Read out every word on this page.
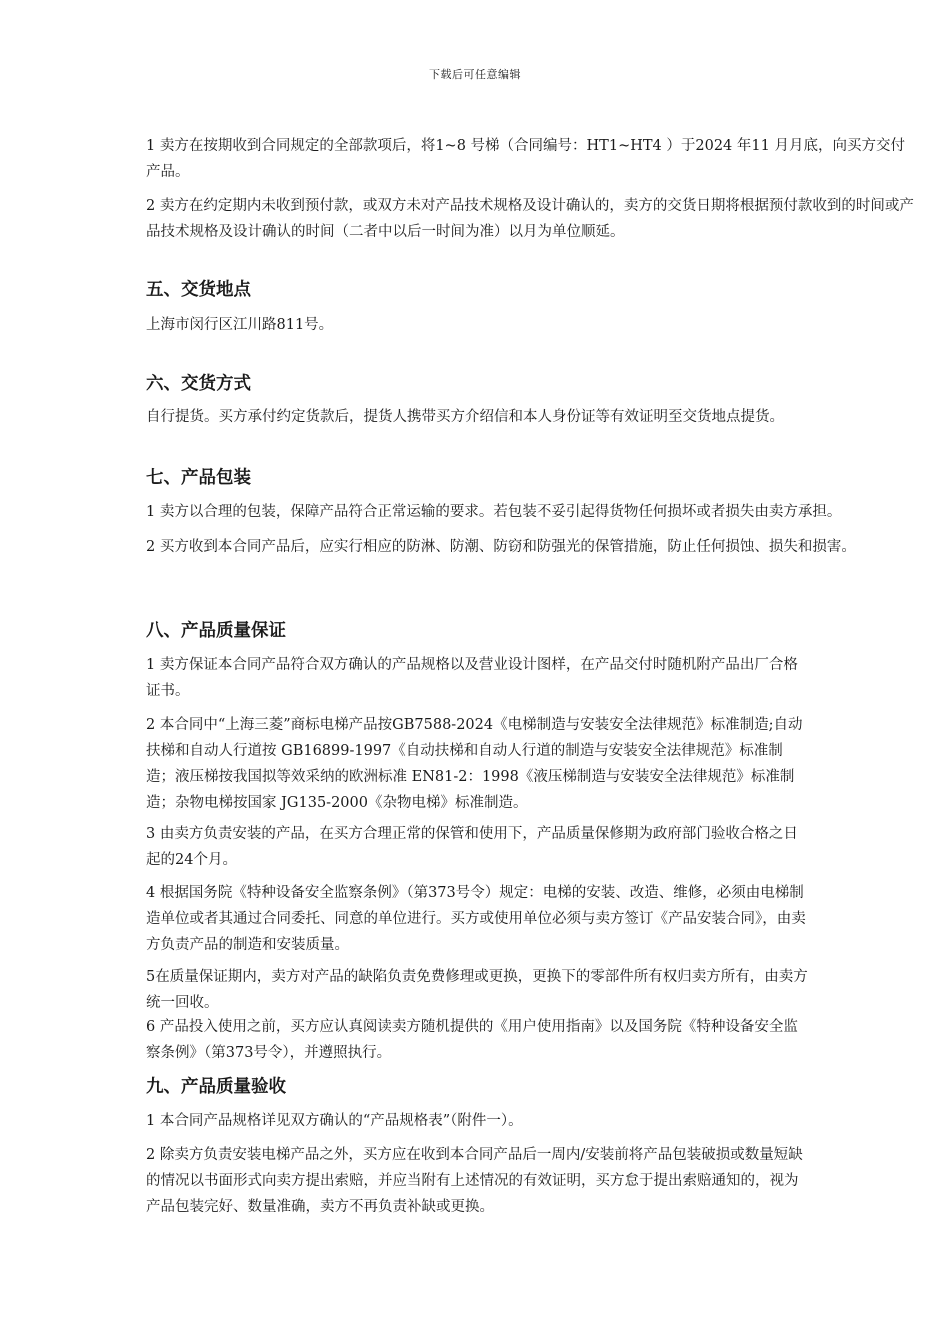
下载后可任意编辑

1 卖方在按期收到合同规定的全部款项后，将1~8 号梯（合同编号：HT1~HT4 ）于2024 年11 月月底，向买方交付产品。

2 卖方在约定期内未收到预付款，或双方未对产品技术规格及设计确认的，卖方的交货日期将根据预付款收到的时间或产品技术规格及设计确认的时间（二者中以后一时间为准）以月为单位顺延。

五、交货地点

上海市闵行区江川路811号。

六、交货方式

自行提货。买方承付约定货款后，提货人携带买方介绍信和本人身份证等有效证明至交货地点提货。

七、产品包装

1 卖方以合理的包装，保障产品符合正常运输的要求。若包装不妥引起得货物任何损坏或者损失由卖方承担。

2 买方收到本合同产品后，应实行相应的防淋、防潮、防窃和防强光的保管措施，防止任何损蚀、损失和损害。

八、产品质量保证

1 卖方保证本合同产品符合双方确认的产品规格以及营业设计图样，在产品交付时随机附产品出厂合格证书。

2 本合同中“上海三菱”商标电梯产品按GB7588-2024《电梯制造与安装安全法律规范》标准制造;自动扶梯和自动人行道按 GB16899-1997《自动扶梯和自动人行道的制造与安装安全法律规范》标准制造；液压梯按我国拟等效采纳的欧洲标准 EN81-2：1998《液压梯制造与安装安全法律规范》标准制造；杂物电梯按国家 JG135-2000《杂物电梯》标准制造。

3 由卖方负责安装的产品，在买方合理正常的保管和使用下，产品质量保修期为政府部门验收合格之日起的24个月。

4 根据国务院《特种设备安全监察条例》（第373号令）规定：电梯的安装、改造、维修，必须由电梯制造单位或者其通过合同委托、同意的单位进行。买方或使用单位必须与卖方签订《产品安装合同》，由卖方负责产品的制造和安装质量。

5在质量保证期内，卖方对产品的缺陷负责免费修理或更换，更换下的零部件所有权归卖方所有，由卖方统一回收。

6 产品投入使用之前，买方应认真阅读卖方随机提供的《用户使用指南》以及国务院《特种设备安全监察条例》（第373号令），并遵照执行。

九、产品质量验收

1 本合同产品规格详见双方确认的“产品规格表”（附件一）。

2 除卖方负责安装电梯产品之外，买方应在收到本合同产品后一周内/安装前将产品包装破损或数量短缺的情况以书面形式向卖方提出索赔，并应当附有上述情况的有效证明，买方怠于提出索赔通知的，视为产品包装完好、数量准确，卖方不再负责补缺或更换。
